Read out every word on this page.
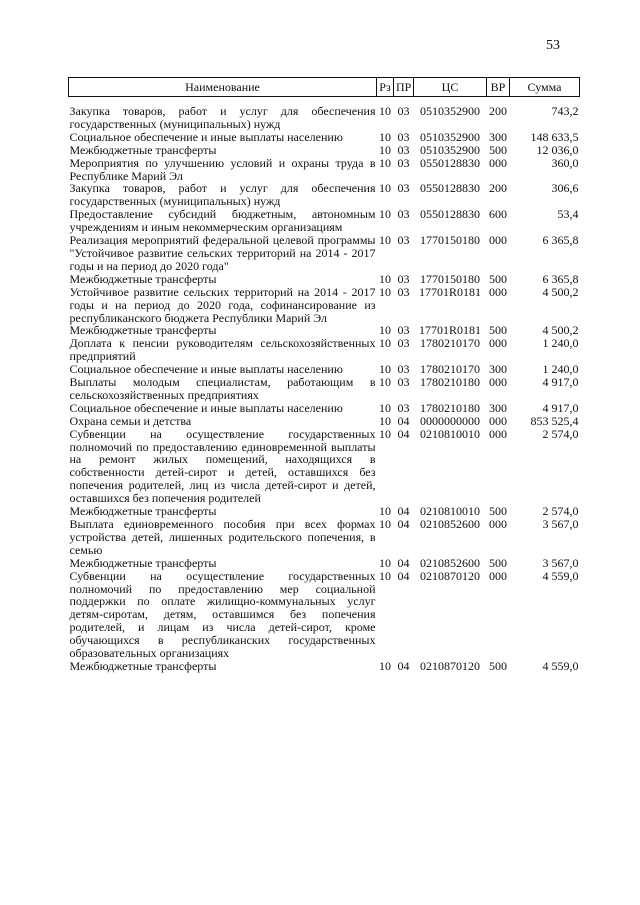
53
Наименование	Рз	ПР	ЦС	ВР	Сумма

Закупка товаров, работ и услуг для обеспечения государственных (муниципальных) нужд	10	03	0510352900	200	743,2
Социальное обеспечение и иные выплаты населению	10	03	0510352900	300	148 633,5
Межбюджетные трансферты	10	03	0510352900	500	12 036,0
Мероприятия по улучшению условий и охраны труда в Республике Марий Эл	10	03	0550128830	000	360,0
Закупка товаров, работ и услуг для обеспечения государственных (муниципальных) нужд	10	03	0550128830	200	306,6
Предоставление субсидий бюджетным, автономным учреждениям и иным некоммерческим организациям	10	03	0550128830	600	53,4
Реализация мероприятий федеральной целевой программы "Устойчивое развитие сельских территорий на 2014 - 2017 годы и на период до 2020 года"	10	03	1770150180	000	6 365,8
Межбюджетные трансферты	10	03	1770150180	500	6 365,8
Устойчивое развитие сельских территорий на 2014 - 2017 годы и на период до 2020 года, софинансирование из республиканского бюджета Республики Марий Эл	10	03	17701R0181	000	4 500,2
Межбюджетные трансферты	10	03	17701R0181	500	4 500,2
Доплата к пенсии руководителям сельскохозяйственных предприятий	10	03	1780210170	000	1 240,0
Социальное обеспечение и иные выплаты населению	10	03	1780210170	300	1 240,0
Выплаты молодым специалистам, работающим в сельскохозяйственных предприятиях	10	03	1780210180	000	4 917,0
Социальное обеспечение и иные выплаты населению	10	03	1780210180	300	4 917,0
Охрана семьи и детства	10	04	0000000000	000	853 525,4
Субвенции на осуществление государственных полномочий по предоставлению единовременной выплаты на ремонт жилых помещений, находящихся в собственности детей-сирот и детей, оставшихся без попечения родителей, лиц из числа детей-сирот и детей, оставшихся без попечения родителей	10	04	0210810010	000	2 574,0
Межбюджетные трансферты	10	04	0210810010	500	2 574,0
Выплата единовременного пособия при всех формах устройства детей, лишенных родительского попечения, в семью	10	04	0210852600	000	3 567,0
Межбюджетные трансферты	10	04	0210852600	500	3 567,0
Субвенции на осуществление государственных полномочий по предоставлению мер социальной поддержки по оплате жилищно-коммунальных услуг детям-сиротам, детям, оставшимся без попечения родителей, и лицам из числа детей-сирот, кроме обучающихся в республиканских государственных образовательных организациях	10	04	0210870120	000	4 559,0
Межбюджетные трансферты	10	04	0210870120	500	4 559,0
